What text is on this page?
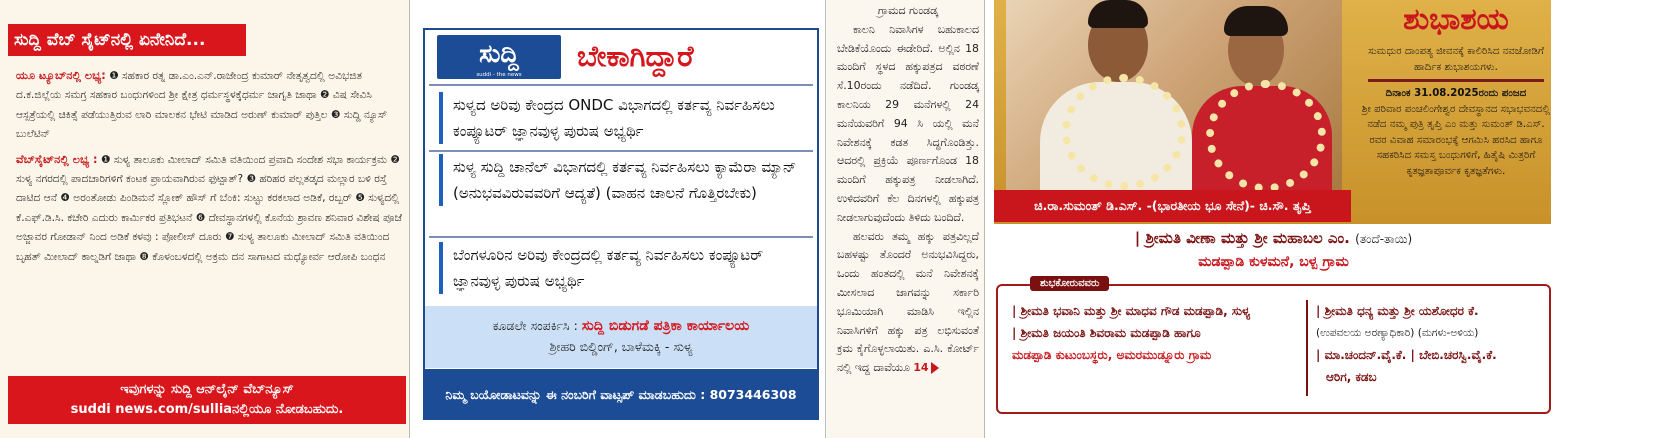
ಸುದ್ದಿ ವೆಬ್ ಸೈಟ್‌ನಲ್ಲಿ ಏನೇನಿದೆ...

ಯೂ ಟ್ಯೂಬ್‌ನಲ್ಲಿ ಲಭ್ಯ: ❶ ಸಹಕಾರ ರತ್ನ ಡಾ.ಎಂ.ಎನ್.ರಾಜೇಂದ್ರ ಕುಮಾರ್ ನೇತೃತ್ವದಲ್ಲಿ ಅವಿಭಜಿತ ದ.ಕ.ಜಿಲ್ಲೆಯ ಸಮಗ್ರ ಸಹಕಾರ ಬಂಧುಗಳಿಂದ ಶ್ರೀ ಕ್ಷೇತ್ರ ಧರ್ಮಸ್ಥಳಕ್ಕೆಧರ್ಮ ಜಾಗೃತಿ ಜಾಥಾ ❷ ವಿಷ ಸೇವಿಸಿ ಆಸ್ಪತ್ರೆಯಲ್ಲಿ ಚಿಕಿತ್ಸೆ ಪಡೆಯುತ್ತಿರುವ ಲಾರಿ ಮಾಲಕನ ಭೇಟಿ ಮಾಡಿದ ಅರುಣ್ ಕುಮಾರ್ ಪುತ್ತಿಲ ❸ ಸುದ್ದಿ ನ್ಯೂಸ್ ಬುಲೆಟಿನ್

ವೆಬ್‌ಸೈಟ್‌ನಲ್ಲಿ ಲಭ್ಯ : ❶ ಸುಳ್ಯ ತಾಲೂಕು ಮೀಲಾದ್ ಸಮಿತಿ ವತಿಯಿಂದ ಪ್ರವಾದಿ ಸಂದೇಶ ಸಭಾ ಕಾರ್ಯಕ್ರಮ ❷ ಸುಳ್ಯ ನಗರದಲ್ಲಿ ಪಾದಚಾರಿಗಳಿಗೆ ಕಂಟಕ ಪ್ರಾಯವಾಗಿರುವ ಫುಟ್ಪಾತ್? ❸ ಹರಿಹರ ಪಲ್ಲತಡ್ಕದ ಮಲ್ಲಾರ ಬಳಿ ರಸ್ತೆ ದಾಟಿದ ಆನೆ ❹ ಅರಂತೋಡು ಪಿಂಡಿಮನೆ ಸ್ಲೋಕ್ ಹೌಸ್ ಗೆ ಬೆಂಕಿ: ಸುಟ್ಟು ಕರಕಲಾದ ಅಡಿಕೆ, ರಬ್ಬರ್ ❺ ಸುಳ್ಯದಲ್ಲಿ ಕೆ.ಎಫ್.ಡಿ.ಸಿ. ಕಚೇರಿ ಎದುರು ಕಾರ್ಮಿಕರ ಪ್ರತಿಭಟನೆ ❻ ದೇವಸ್ಥಾನಗಳಲ್ಲಿ ಕೊನೆಯ ಶ್ರಾವಣ ಶನಿವಾರ ವಿಶೇಷ ಪೂಜೆ ಅಜ್ಜಾವರ ಗೋಡಾನ್ ನಿಂದ ಅಡಿಕೆ ಕಳವು : ಪೋಲೀಸ್ ದೂರು ❼ ಸುಳ್ಯ ತಾಲೂಕು ಮೀಲಾದ್ ಸಮಿತಿ ವತಿಯಿಂದ ಬೃಹತ್ ಮೀಲಾದ್ ಕಾಲ್ನಡಿಗೆ ಜಾಥಾ ❽ ಕೊಳಂಬಳದಲ್ಲಿ ಅಕ್ರಮ ದನ ಸಾಗಾಟದ ಮಧ್ಯೋರ್ವ ಆರೋಪಿ ಬಂಧನ

ಇವುಗಳನ್ನು ಸುದ್ದಿ ಆನ್‌ಲೈನ್ ವೆಬ್‌ನ್ಯೂಸ್
suddi news.com/sulliaನಲ್ಲಿಯೂ ನೋಡಬಹುದು.
ಸುದ್ದಿ
suddi - the news
ಬೇಕಾಗಿದ್ದಾರೆ
ಸುಳ್ಯದ ಅರಿವು ಕೇಂದ್ರದ ONDC ವಿಭಾಗದಲ್ಲಿ ಕರ್ತವ್ಯ ನಿರ್ವಹಿಸಲು ಕಂಪ್ಯೂಟರ್ ಜ್ಞಾನವುಳ್ಳ ಪುರುಷ ಅಭ್ಯರ್ಥಿ
ಸುಳ್ಯ ಸುದ್ದಿ ಚಾನೆಲ್ ವಿಭಾಗದಲ್ಲಿ ಕರ್ತವ್ಯ ನಿರ್ವಹಿಸಲು ಕ್ಯಾಮೆರಾ ಮ್ಯಾನ್ (ಅನುಭವವಿರುವವರಿಗೆ ಆದ್ಯತೆ) (ವಾಹನ ಚಾಲನೆ ಗೊತ್ತಿರಬೇಕು)
ಬೆಂಗಳೂರಿನ ಅರಿವು ಕೇಂದ್ರದಲ್ಲಿ ಕರ್ತವ್ಯ ನಿರ್ವಹಿಸಲು ಕಂಪ್ಯೂಟರ್ ಜ್ಞಾನವುಳ್ಳ ಪುರುಷ ಅಭ್ಯರ್ಥಿ
ಕೂಡಲೇ ಸಂಪರ್ಕಿಸಿ : ಸುದ್ದಿ ಬಿಡುಗಡೆ ಪತ್ರಿಕಾ ಕಾರ್ಯಾಲಯ
ಶ್ರೀಹರಿ ಬಿಲ್ಡಿಂಗ್, ಬಾಳೆಮಕ್ಕಿ - ಸುಳ್ಯ
ನಿಮ್ಮ ಬಯೋಡಾಟವನ್ನು ಈ ನಂಬರಿಗೆ ವಾಟ್ಸಪ್ ಮಾಡಬಹುದು : 8073446308

ಗ್ರಾಮದ ಗುಂಡಡ್ಕ

ಕಾಲನಿ ನಿವಾಸಿಗಳ ಬಹುಕಾಲದ ಬೇಡಿಕೆಯೊಂದು ಈಡೇರಿದೆ. ಅಲ್ಲಿನ 18 ಮಂದಿಗೆ ಸ್ಥಳದ ಹಕ್ಕುಪತ್ರದ ವಠರಣೆ ಸೆ.10ರಂದು ನಡೆದಿದೆ. ಗುಂಡಡ್ಕ ಕಾಲನಿಯ 29 ಮನೆಗಳಲ್ಲಿ 24 ಮನೆಯವರಿಗೆ 94 ಸಿ ಯಲ್ಲಿ ಮನೆ ನಿವೇಶನಕ್ಕೆ ಕಡತ ಸಿದ್ಧಗೊಂಡಿತ್ತು. ಆದರಲ್ಲಿ ಪ್ರಕ್ರಿಯೆ ಪೂರ್ಣಗೊಂಡ 18 ಮಂದಿಗೆ ಹಕ್ಕುಪತ್ರ ನೀಡಲಾಗಿದೆ. ಉಳಿದವರಿಗೆ ಕೆಲ ದಿನಗಳಲ್ಲಿ ಹಕ್ಕುಪತ್ರ ನೀಡಲಾಗುವುದೆಂದು ತಿಳಿದು ಬಂದಿದೆ.

ಹಲವರು ತಮ್ಮ ಹಕ್ಕು ಪತ್ರವಿಲ್ಲದೆ ಬಹಳಷ್ಟು ತೊಂದರೆ ಅನುಭವಿಸಿದ್ದರು, ಒಂದು ಹಂತದಲ್ಲಿ ಮನೆ ನಿವೇಶನಕ್ಕೆ ಮೀಸಲಾದ ಜಾಗವನ್ನು ಸರ್ಕಾರಿ ಭೂಮಿಯಾಗಿ ಮಾಡಿಸಿ ಇಲ್ಲಿನ ನಿವಾಸಿಗಳಿಗೆ ಹಕ್ಕು ಪತ್ರ ಲಭಿಸುವಂತೆ ಕ್ರಮ ಕೈಗೊಳ್ಳಲಾಯಿತು. ಎ.ಸಿ. ಕೋರ್ಟ್ ನಲ್ಲಿ ಇದ್ದ ದಾವೆಯೂ 14

ಶುಭಾಶಯ
ಸುಮಧುರ ದಾಂಪತ್ಯ ಜೀವನಕ್ಕೆ ಕಾಲಿರಿಸಿದ ನವಜೋಡಿಗೆ ಹಾರ್ದಿಕ ಶುಭಾಶಯಗಳು.
ದಿನಾಂಕ 31.08.2025ರಂದು ಪಂಜದ
ಶ್ರೀ ಪರಿವಾರ ಪಂಚಲಿಂಗೇಶ್ವರ ದೇವಸ್ಥಾನದ ಸಭಾಭವನದಲ್ಲಿ ನಡೆದ ನಮ್ಮ ಪುತ್ರಿ ತೃಪ್ತಿ ಎಂ ಮತ್ತು ಸುಮಂತ್ ಡಿ.ಎಸ್. ರವರ ವಿವಾಹ ಸಮಾರಂಭಕ್ಕೆ ಆಗಮಿಸಿ ಹರಸಿದ ಹಾಗೂ ಸಹಕರಿಸಿದ ಸಮಸ್ತ ಬಂಧುಗಳಿಗೆ, ಹಿತೈಷಿ ಮಿತ್ರರಿಗೆ ಕೃತಜ್ಞತಾಪೂರ್ವಕ ಕೃತಜ್ಞತೆಗಳು.
ಚಿ.ರಾ.ಸುಮಂತ್ ಡಿ.ಎಸ್. -(ಭಾರತೀಯ ಭೂ ಸೇನೆ)- ಚಿ.ಸೌ. ತೃಪ್ತಿ
| ಶ್ರೀಮತಿ ವೀಣಾ ಮತ್ತು ಶ್ರೀ ಮಹಾಬಲ ಎಂ. (ತಂದೆ-ತಾಯಿ)
ಮಡಪ್ಪಾಡಿ ಕುಳಮನೆ, ಬಳ್ಪ ಗ್ರಾಮ
ಶುಭಕೋರುವವರು
| ಶ್ರೀಮತಿ ಭವಾನಿ ಮತ್ತು ಶ್ರೀ ಮಾಧವ ಗೌಡ ಮಡಪ್ಪಾಡಿ, ಸುಳ್ಯ
| ಶ್ರೀಮತಿ ಜಯಂತಿ ಶಿವರಾಮ ಮಡಪ್ಪಾಡಿ ಹಾಗೂ
ಮಡಪ್ಪಾಡಿ ಕುಟುಂಬಸ್ಥರು, ಅಮರಮುಡ್ನೂರು ಗ್ರಾಮ
| ಶ್ರೀಮತಿ ಧನ್ಯ ಮತ್ತು ಶ್ರೀ ಯಶೋಧರ ಕೆ.
(ಉಪವಲಯ ಅರಣ್ಯಾಧಿಕಾರಿ) (ಮಗಳು-ಅಳಿಯ)
| ಮಾ.ಚಂದನ್.ವೈ.ಕೆ. | ಬೇಬಿ.ಚರಸ್ವಿ.ವೈ.ಕೆ.
ಆರಿಗ, ಕಡಬ
